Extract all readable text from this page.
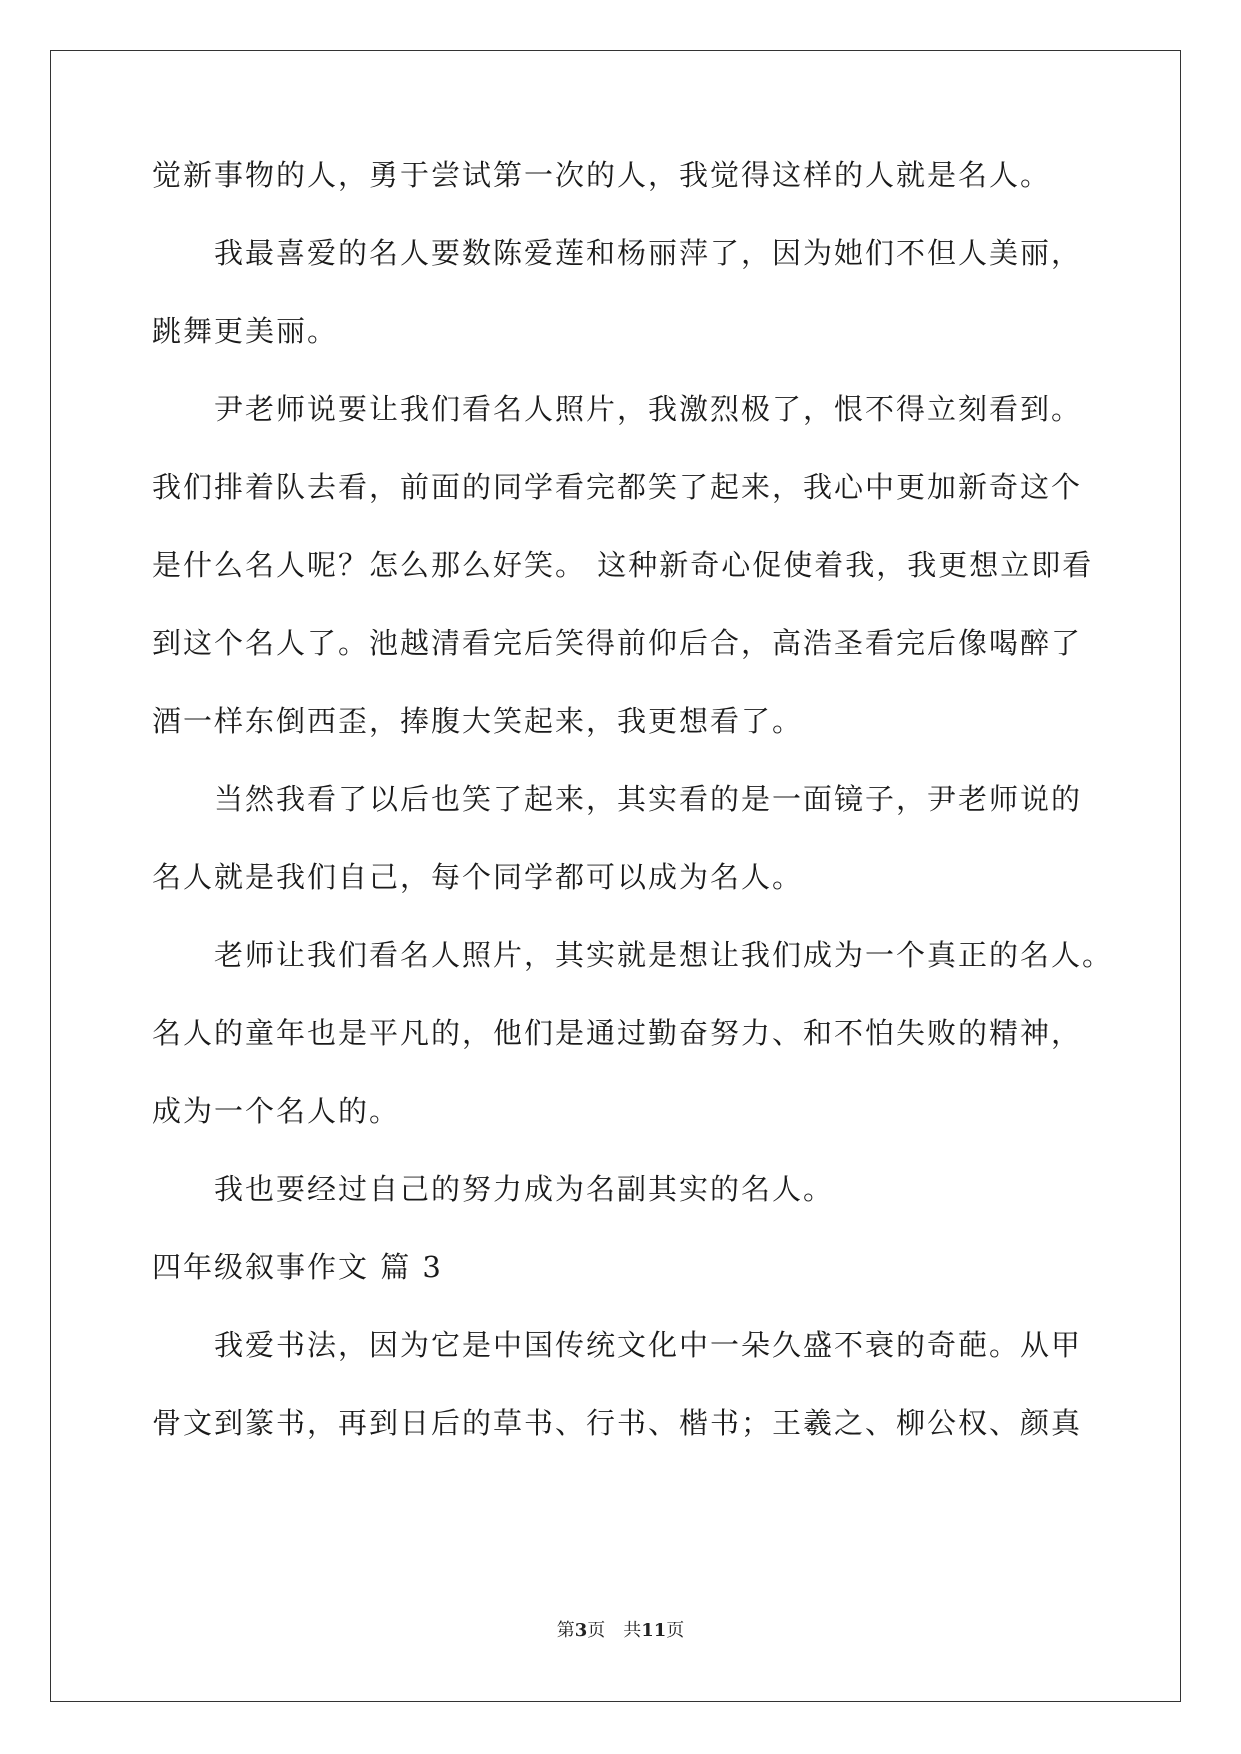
觉新事物的人，勇于尝试第一次的人，我觉得这样的人就是名人。
我最喜爱的名人要数陈爱莲和杨丽萍了，因为她们不但人美丽，
跳舞更美丽。
尹老师说要让我们看名人照片，我激烈极了，恨不得立刻看到。
我们排着队去看，前面的同学看完都笑了起来，我心中更加新奇这个
是什么名人呢？怎么那么好笑。 这种新奇心促使着我，我更想立即看
到这个名人了。池越清看完后笑得前仰后合，高浩圣看完后像喝醉了
酒一样东倒西歪，捧腹大笑起来，我更想看了。
当然我看了以后也笑了起来，其实看的是一面镜子，尹老师说的
名人就是我们自己，每个同学都可以成为名人。
老师让我们看名人照片，其实就是想让我们成为一个真正的名人。
名人的童年也是平凡的，他们是通过勤奋努力、和不怕失败的精神，
成为一个名人的。
我也要经过自己的努力成为名副其实的名人。
四年级叙事作文 篇 3
我爱书法，因为它是中国传统文化中一朵久盛不衰的奇葩。从甲
骨文到篆书，再到日后的草书、行书、楷书；王羲之、柳公权、颜真
第3页 共11页
